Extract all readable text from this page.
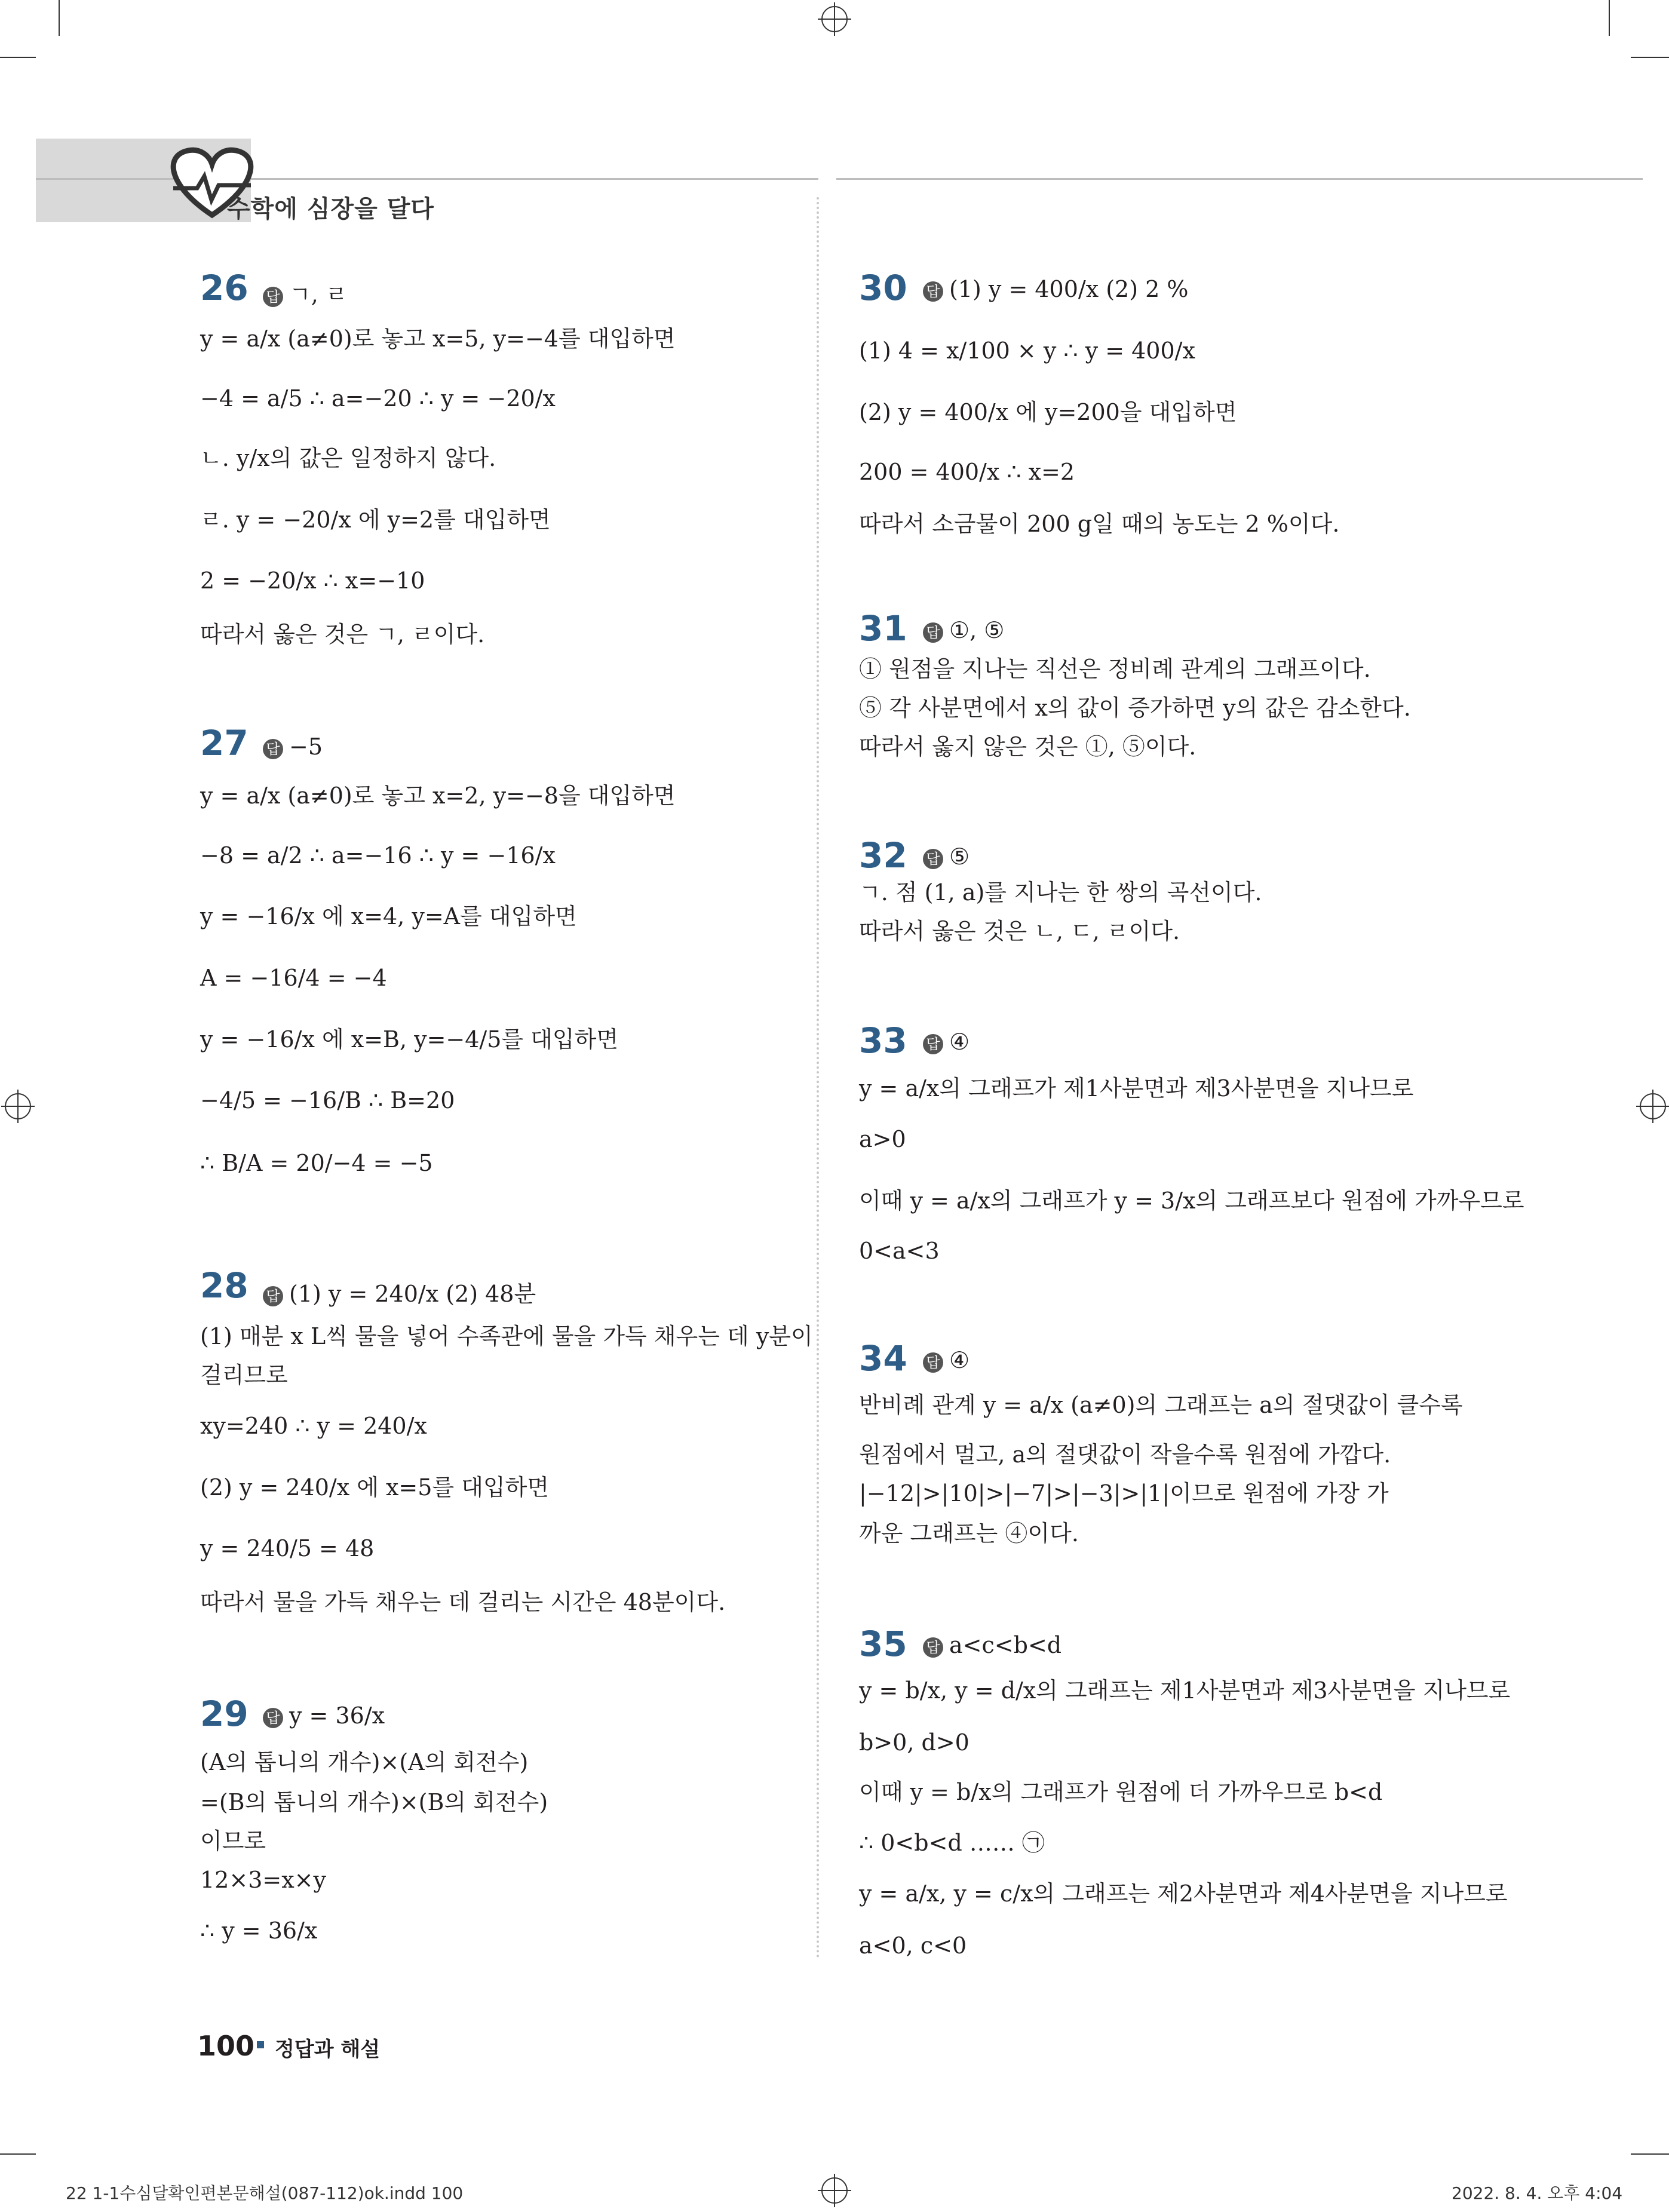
수학에 심장을 달다
26 답 ㄱ, ㄹ
y = a/x (a≠0)로 놓고 x=5, y=−4를 대입하면
−4 = a/5 ∴ a=−20 ∴ y = −20/x
ㄴ. y/x의 값은 일정하지 않다.
ㄹ. y = −20/x 에 y=2를 대입하면
2 = −20/x ∴ x=−10
따라서 옳은 것은 ㄱ, ㄹ이다.
27 답 −5
y = a/x (a≠0)로 놓고 x=2, y=−8을 대입하면
−8 = a/2 ∴ a=−16 ∴ y = −16/x
y = −16/x 에 x=4, y=A를 대입하면
A = −16/4 = −4
y = −16/x 에 x=B, y=−4/5를 대입하면
−4/5 = −16/B ∴ B=20
∴ B/A = 20/−4 = −5
28 답 (1) y = 240/x (2) 48분
(1) 매분 x L씩 물을 넣어 수족관에 물을 가득 채우는 데 y분이
걸리므로
xy=240 ∴ y = 240/x
(2) y = 240/x 에 x=5를 대입하면
y = 240/5 = 48
따라서 물을 가득 채우는 데 걸리는 시간은 48분이다.
29 답 y = 36/x
(A의 톱니의 개수)×(A의 회전수)
=(B의 톱니의 개수)×(B의 회전수)
이므로
12×3=x×y
∴ y = 36/x
30 답 (1) y = 400/x (2) 2 %
(1) 4 = x/100 × y ∴ y = 400/x
(2) y = 400/x 에 y=200을 대입하면
200 = 400/x ∴ x=2
따라서 소금물이 200 g일 때의 농도는 2 %이다.
31 답 ①, ⑤
① 원점을 지나는 직선은 정비례 관계의 그래프이다.
⑤ 각 사분면에서 x의 값이 증가하면 y의 값은 감소한다.
따라서 옳지 않은 것은 ①, ⑤이다.
32 답 ⑤
ㄱ. 점 (1, a)를 지나는 한 쌍의 곡선이다.
따라서 옳은 것은 ㄴ, ㄷ, ㄹ이다.
33 답 ④
y = a/x의 그래프가 제1사분면과 제3사분면을 지나므로
a>0
이때 y = a/x의 그래프가 y = 3/x의 그래프보다 원점에 가까우므로
0<a<3
34 답 ④
반비례 관계 y = a/x (a≠0)의 그래프는 a의 절댓값이 클수록
원점에서 멀고, a의 절댓값이 작을수록 원점에 가깝다.
|−12|>|10|>|−7|>|−3|>|1|이므로 원점에 가장 가
까운 그래프는 ④이다.
35 답 a<c<b<d
y = b/x, y = d/x의 그래프는 제1사분면과 제3사분면을 지나므로
b>0, d>0
이때 y = b/x의 그래프가 원점에 더 가까우므로 b<d
∴ 0<b<d …… ㉠
y = a/x, y = c/x의 그래프는 제2사분면과 제4사분면을 지나므로
a<0, c<0
100 정답과 해설
22 1-1수심달확인편본문해설(087-112)ok.indd 100	2022. 8. 4. 오후 4:04
